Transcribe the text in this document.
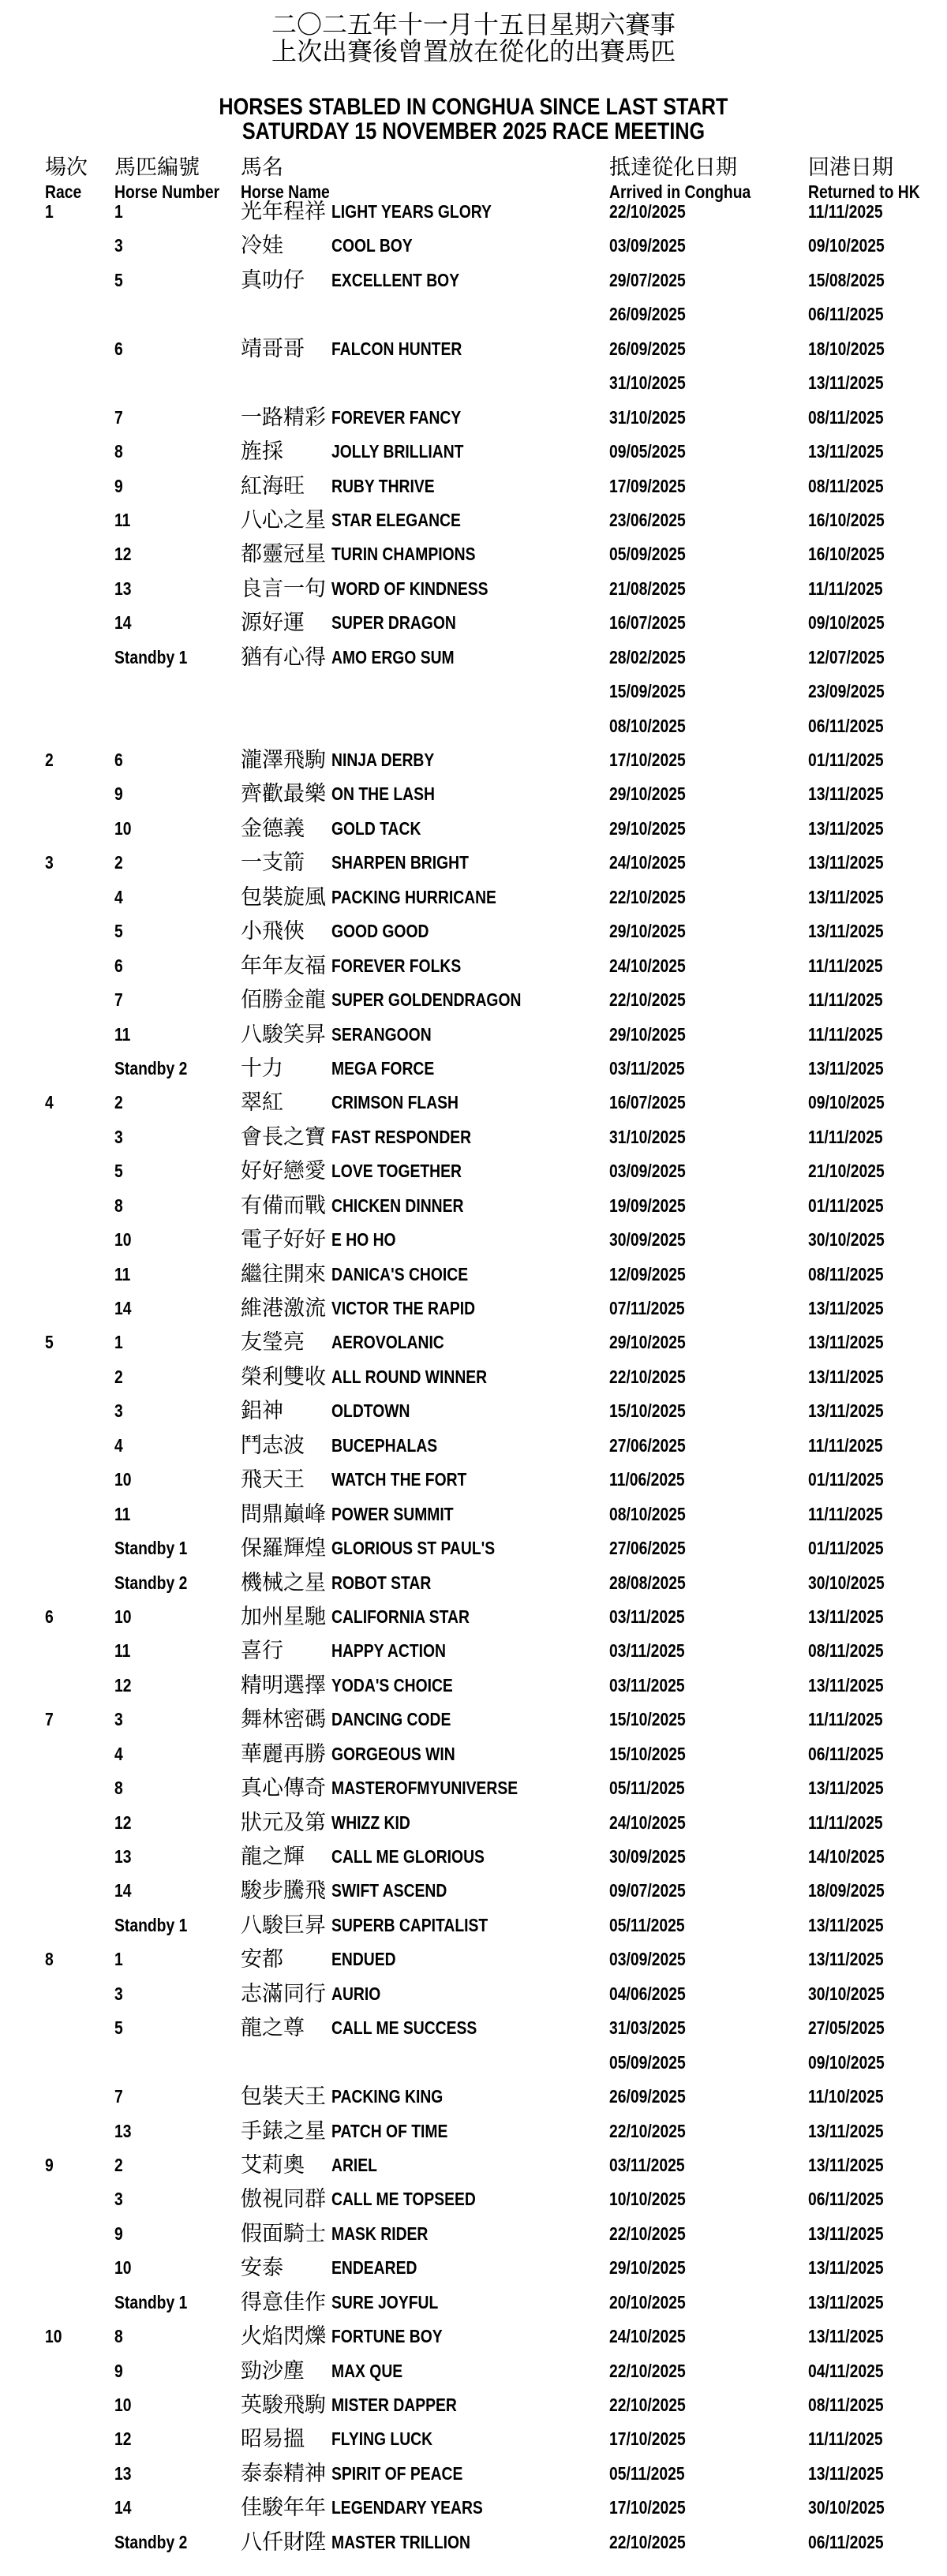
二〇二五年十一月十五日星期六賽事
上次出賽後曾置放在從化的出賽馬匹
HORSES STABLED IN CONGHUA SINCE LAST START
SATURDAY 15 NOVEMBER 2025 RACE MEETING
場次 馬匹編號 馬名	抵達從化日期	回港日期
Race	Horse Number	Horse Name	Arrived in Conghua	Returned to HK
1	1	光年程祥 LIGHT YEARS GLORY	22/10/2025	11/11/2025
3	冷娃	COOL BOY	03/09/2025	09/10/2025
5	真叻仔 EXCELLENT BOY	29/07/2025	15/08/2025
26/09/2025	06/11/2025
6	靖哥哥 FALCON HUNTER	26/09/2025	18/10/2025
31/10/2025	13/11/2025
7	一路精彩 FOREVER FANCY	31/10/2025	08/11/2025
8	旌採	JOLLY BRILLIANT	09/05/2025	13/11/2025
9	紅海旺 RUBY THRIVE	17/09/2025	08/11/2025
11	八心之星 STAR ELEGANCE	23/06/2025	16/10/2025
12	都靈冠星 TURIN CHAMPIONS	05/09/2025	16/10/2025
13	良言一句 WORD OF KINDNESS	21/08/2025	11/11/2025
14	源好運 SUPER DRAGON	16/07/2025	09/10/2025
Standby 1	猶有心得 AMO ERGO SUM	28/02/2025	12/07/2025
15/09/2025	23/09/2025
08/10/2025	06/11/2025
2	6	瀧澤飛駒 NINJA DERBY	17/10/2025	01/11/2025
9	齊歡最樂 ON THE LASH	29/10/2025	13/11/2025
10	金德義 GOLD TACK	29/10/2025	13/11/2025
3	2	一支箭 SHARPEN BRIGHT	24/10/2025	13/11/2025
4	包裝旋風 PACKING HURRICANE	22/10/2025	13/11/2025
5	小飛俠 GOOD GOOD	29/10/2025	13/11/2025
6	年年友福 FOREVER FOLKS	24/10/2025	11/11/2025
7	佰勝金龍 SUPER GOLDENDRAGON	22/10/2025	11/11/2025
11	八駿笑昇 SERANGOON	29/10/2025	11/11/2025
Standby 2	十力	MEGA FORCE	03/11/2025	13/11/2025
4	2	翠紅	CRIMSON FLASH	16/07/2025	09/10/2025
3	會長之寶 FAST RESPONDER	31/10/2025	11/11/2025
5	好好戀愛 LOVE TOGETHER	03/09/2025	21/10/2025
8	有備而戰 CHICKEN DINNER	19/09/2025	01/11/2025
10	電子好好 E HO HO	30/09/2025	30/10/2025
11	繼往開來 DANICA'S CHOICE	12/09/2025	08/11/2025
14	維港激流 VICTOR THE RAPID	07/11/2025	13/11/2025
5	1	友瑩亮 AEROVOLANIC	29/10/2025	13/11/2025
2	榮利雙收 ALL ROUND WINNER	22/10/2025	13/11/2025
3	鋁神	OLDTOWN	15/10/2025	13/11/2025
4	鬥志波 BUCEPHALAS	27/06/2025	11/11/2025
10	飛天王 WATCH THE FORT	11/06/2025	01/11/2025
11	問鼎巔峰 POWER SUMMIT	08/10/2025	11/11/2025
Standby 1	保羅輝煌 GLORIOUS ST PAUL'S	27/06/2025	01/11/2025
Standby 2	機械之星 ROBOT STAR	28/08/2025	30/10/2025
6	10	加州星馳 CALIFORNIA STAR	03/11/2025	13/11/2025
11	喜行	HAPPY ACTION	03/11/2025	08/11/2025
12	精明選擇 YODA'S CHOICE	03/11/2025	13/11/2025
7	3	舞林密碼 DANCING CODE	15/10/2025	11/11/2025
4	華麗再勝 GORGEOUS WIN	15/10/2025	06/11/2025
8	真心傳奇 MASTEROFMYUNIVERSE	05/11/2025	13/11/2025
12	狀元及第 WHIZZ KID	24/10/2025	11/11/2025
13	龍之輝 CALL ME GLORIOUS	30/09/2025	14/10/2025
14	駿步騰飛 SWIFT ASCEND	09/07/2025	18/09/2025
Standby 1	八駿巨昇 SUPERB CAPITALIST	05/11/2025	13/11/2025
8	1	安都	ENDUED	03/09/2025	13/11/2025
3	志滿同行 AURIO	04/06/2025	30/10/2025
5	龍之尊 CALL ME SUCCESS	31/03/2025	27/05/2025
05/09/2025	09/10/2025
7	包裝天王 PACKING KING	26/09/2025	11/10/2025
13	手錶之星 PATCH OF TIME	22/10/2025	13/11/2025
9	2	艾莉奧 ARIEL	03/11/2025	13/11/2025
3	傲視同群 CALL ME TOPSEED	10/10/2025	06/11/2025
9	假面騎士 MASK RIDER	22/10/2025	13/11/2025
10	安泰	ENDEARED	29/10/2025	13/11/2025
Standby 1	得意佳作 SURE JOYFUL	20/10/2025	13/11/2025
10	8	火焰閃爍 FORTUNE BOY	24/10/2025	13/11/2025
9	勁沙塵 MAX QUE	22/10/2025	04/11/2025
10	英駿飛駒 MISTER DAPPER	22/10/2025	08/11/2025
12	昭易搵 FLYING LUCK	17/10/2025	11/11/2025
13	泰泰精神 SPIRIT OF PEACE	05/11/2025	13/11/2025
14	佳駿年年 LEGENDARY YEARS	17/10/2025	30/10/2025
Standby 2	八仟財陞 MASTER TRILLION	22/10/2025	06/11/2025
